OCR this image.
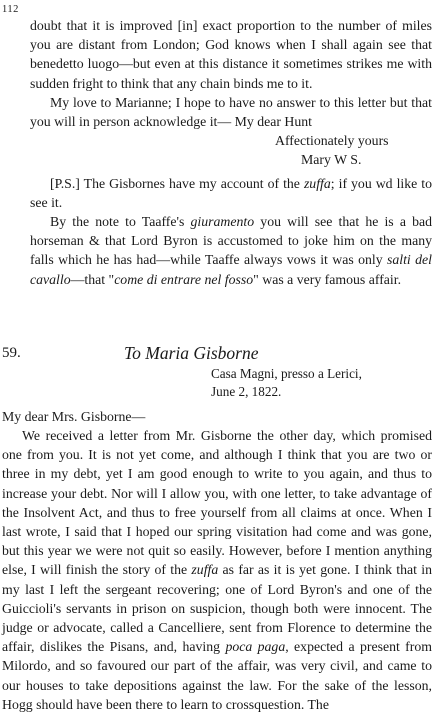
112

doubt that it is improved [in] exact proportion to the number of miles you are distant from London; God knows when I shall again see that benedetto luogo—but even at this distance it sometimes strikes me with sudden fright to think that any chain binds me to it.

My love to Marianne; I hope to have no answer to this letter but that you will in person acknowledge it— My dear Hunt

Affectionately yours
Mary W S.

[P.S.] The Gisbornes have my account of the zuffa; if you wd like to see it.

By the note to Taaffe's giuramento you will see that he is a bad horseman & that Lord Byron is accustomed to joke him on the many falls which he has had—while Taaffe always vows it was only salti del cavallo—that "come di entrare nel fosso" was a very famous affair.

59.	To Maria Gisborne
Casa Magni, presso a Lerici,
June 2, 1822.
My dear Mrs. Gisborne—

We received a letter from Mr. Gisborne the other day, which promised one from you. It is not yet come, and although I think that you are two or three in my debt, yet I am good enough to write to you again, and thus to increase your debt. Nor will I allow you, with one letter, to take advantage of the Insolvent Act, and thus to free yourself from all claims at once. When I last wrote, I said that I hoped our spring visitation had come and was gone, but this year we were not quit so easily. However, before I mention anything else, I will finish the story of the zuffa as far as it is yet gone. I think that in my last I left the sergeant recovering; one of Lord Byron's and one of the Guiccioli's servants in prison on suspicion, though both were innocent. The judge or advocate, called a Cancelliere, sent from Florence to determine the affair, dislikes the Pisans, and, having poca paga, expected a present from Milordo, and so favoured our part of the affair, was very civil, and came to our houses to take depositions against the law. For the sake of the lesson, Hogg should have been there to learn to crossquestion. The
